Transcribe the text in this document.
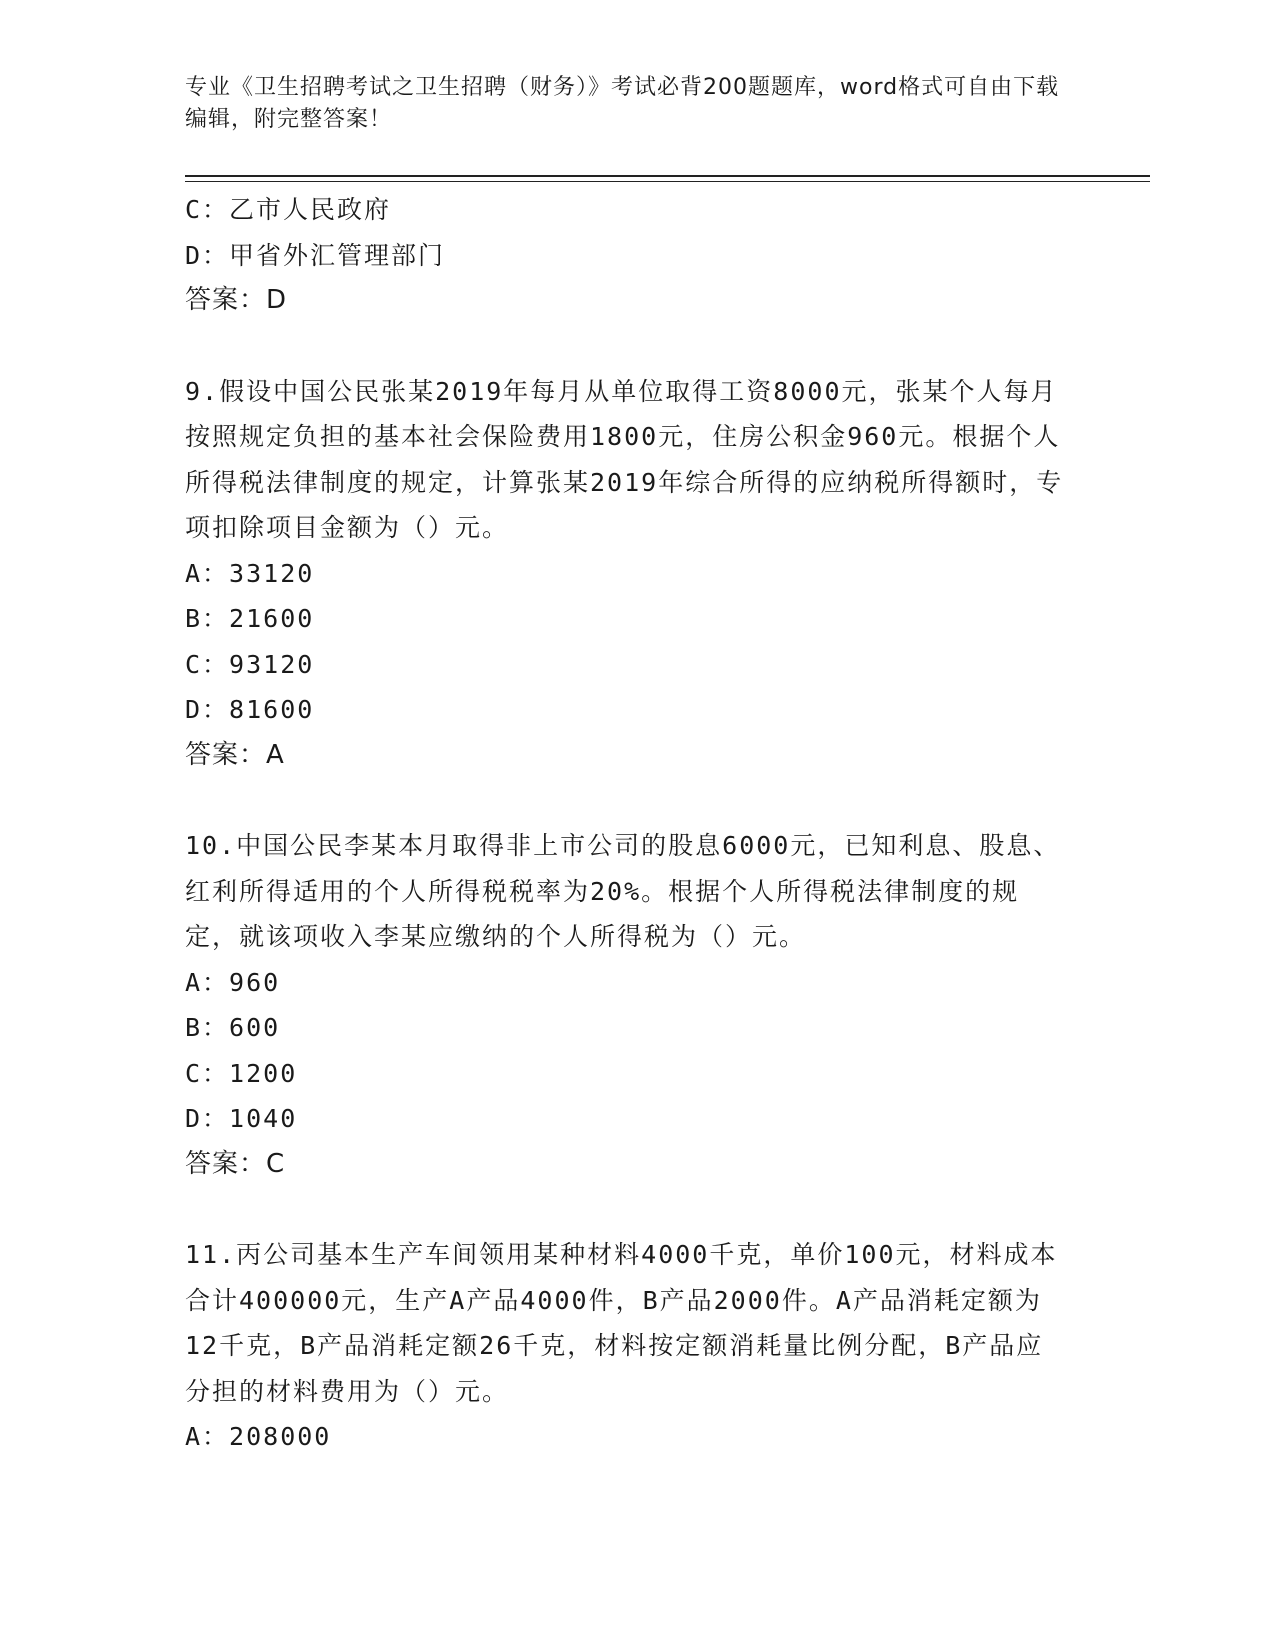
专业《卫生招聘考试之卫生招聘（财务）》考试必背200题题库，word格式可自由下载编辑，附完整答案！
C：乙市人民政府
D：甲省外汇管理部门
答案：D
9.假设中国公民张某2019年每月从单位取得工资8000元，张某个人每月按照规定负担的基本社会保险费用1800元，住房公积金960元。根据个人所得税法律制度的规定，计算张某2019年综合所得的应纳税所得额时，专项扣除项目金额为（）元。
A：33120
B：21600
C：93120
D：81600
答案：A
10.中国公民李某本月取得非上市公司的股息6000元，已知利息、股息、红利所得适用的个人所得税税率为20%。根据个人所得税法律制度的规定，就该项收入李某应缴纳的个人所得税为（）元。
A：960
B：600
C：1200
D：1040
答案：C
11.丙公司基本生产车间领用某种材料4000千克，单价100元，材料成本合计400000元，生产A产品4000件，B产品2000件。A产品消耗定额为12千克，B产品消耗定额26千克，材料按定额消耗量比例分配，B产品应分担的材料费用为（）元。
A：208000
